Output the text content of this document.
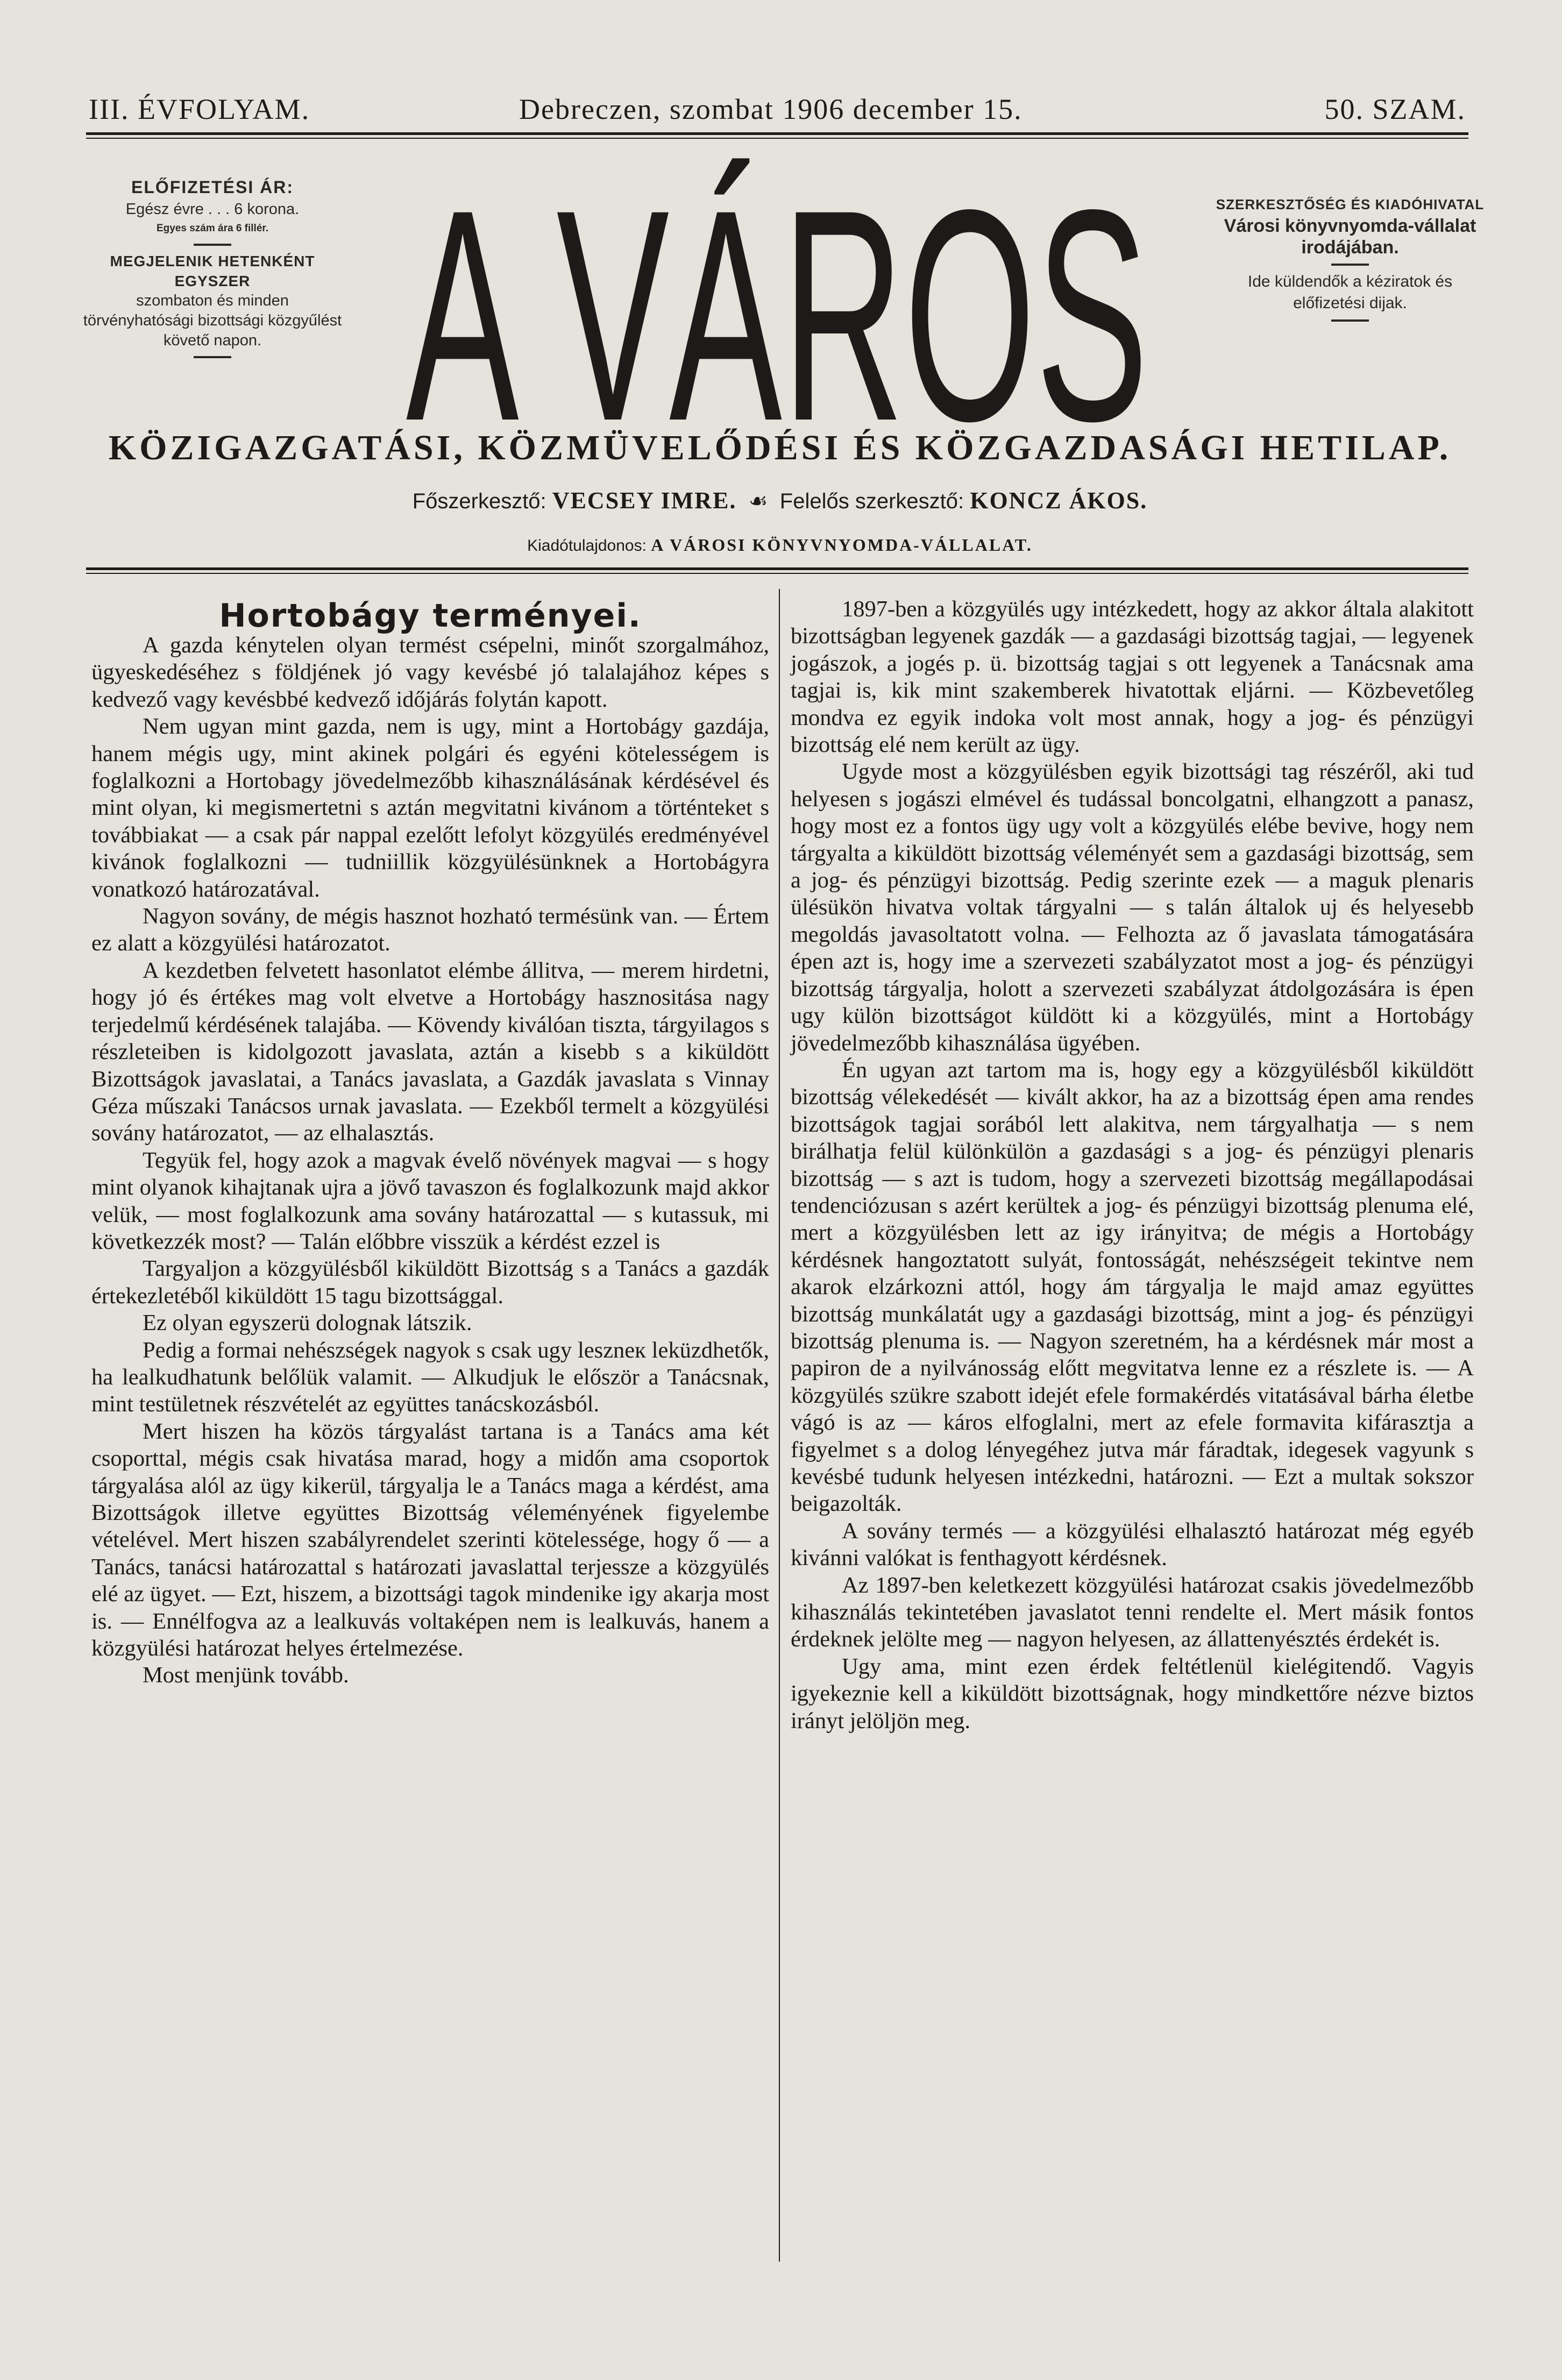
III. ÉVFOLYAM.	Debreczen, szombat 1906 december 15.	50. SZAM.
ELŐFIZETÉSI ÁR:
Egész évre . . . 6 korona.
Egyes szám ára 6 fillér.
MEGJELENIK HETENKÉNT EGYSZER
szombaton és minden törvényhatósági bizottsági közgyűlést követő napon. A VÁROS	SZERKESZTŐSÉG ÉS KIADÓHIVATAL
Városi könyvnyomda-vállalat irodájában.
Ide küldendők a kéziratok és előfizetési dijak.
KÖZIGAZGATÁSI, KÖZMÜVELŐDÉSI ÉS KÖZGAZDASÁGI HETILAP.
Főszerkesztő: VECSEY IMRE. ☙ Felelős szerkesztő: KONCZ ÁKOS.
Kiadótulajdonos: A VÁROSI KÖNYVNYOMDA-VÁLLALAT.
Hortobágy terményei.

A gazda kénytelen olyan termést csépelni, minőt szorgalmához, ügyeskedéséhez s földjének jó vagy kevésbé jó talalajához képes s kedvező vagy kevésbbé kedvező időjárás folytán kapott.

Nem ugyan mint gazda, nem is ugy, mint a Hortobágy gazdája, hanem mégis ugy, mint akinek polgári és egyéni kötelességem is foglalkozni a Hortobagy jövedelmezőbb kihasználásának kérdésével és mint olyan, ki megismertetni s aztán megvitatni kivánom a történteket s továbbiakat — a csak pár nappal ezelőtt lefolyt közgyülés eredményével kivánok foglalkozni — tudniillik közgyülésünknek a Hortobágyra vonatkozó határozatával.

Nagyon sovány, de mégis hasznot hozható termésünk van. — Értem ez alatt a közgyülési határozatot.

A kezdetben felvetett hasonlatot elémbe állitva, — merem hirdetni, hogy jó és értékes mag volt elvetve a Hortobágy hasznositása nagy terjedelmű kérdésének talajába. — Kövendy kiválóan tiszta, tárgyilagos s részleteiben is kidolgozott javaslata, aztán a kisebb s a kiküldött Bizottságok javaslatai, a Tanács javaslata, a Gazdák javaslata s Vinnay Géza műszaki Tanácsos urnak javaslata. — Ezekből termelt a közgyülési sovány határozatot, — az elhalasztás.

Tegyük fel, hogy azok a magvak évelő növények magvai — s hogy mint olyanok kihajtanak ujra a jövő tavaszon és foglalkozunk majd akkor velük, — most foglalkozunk ama sovány határozattal — s kutassuk, mi következzék most? — Talán előbbre visszük a kérdést ezzel is

Targyaljon a közgyülésből kiküldött Bizottság s a Tanács a gazdák értekezletéből kiküldött 15 tagu bizottsággal.

Ez olyan egyszerü dolognak látszik.

Pedig a formai nehészségek nagyok s csak ugy leszneк leküzdhetők, ha lealkudhatunk belőlük valamit. — Alkudjuk le először a Tanácsnak, mint testületnek részvételét az együttes tanácskozásból.

Mert hiszen ha közös tárgyalást tartana is a Tanács ama két csoporttal, mégis csak hivatása marad, hogy a midőn ama csoportok tárgyalása alól az ügy kikerül, tárgyalja le a Tanács maga a kérdést, ama Bizottságok illetve együttes Bizottság véleményének figyelembe vételével. Mert hiszen szabályrendelet szerinti kötelessége, hogy ő — a Tanács, tanácsi határozattal s határozati javaslattal terjessze a közgyülés elé az ügyet. — Ezt, hiszem, a bizottsági tagok mindenike igy akarja most is. — Ennélfogva az a lealkuvás voltaképen nem is lealkuvás, hanem a közgyülési határozat helyes értelmezése.

Most menjünk tovább.

1897-ben a közgyülés ugy intézkedett, hogy az akkor általa alakitott bizottságban legyenek gazdák — a gazdasági bizottság tagjai, — legyenek jogászok, a jogés p. ü. bizottság tagjai s ott legyenek a Tanácsnak ama tagjai is, kik mint szakemberek hivatottak eljárni. — Közbevetőleg mondva ez egyik indoka volt most annak, hogy a jog- és pénzügyi bizottság elé nem került az ügy.

Ugyde most a közgyülésben egyik bizottsági tag részéről, aki tud helyesen s jogászi elmével és tudással boncolgatni, elhangzott a panasz, hogy most ez a fontos ügy ugy volt a közgyülés elébe bevive, hogy nem tárgyalta a kiküldött bizottság véleményét sem a gazdasági bizottság, sem a jog- és pénzügyi bizottság. Pedig szerinte ezek — a maguk plenaris ülésükön hivatva voltak tárgyalni — s talán általok uj és helyesebb megoldás javasoltatott volna. — Felhozta az ő javaslata támogatására épen azt is, hogy ime a szervezeti szabályzatot most a jog- és pénzügyi bizottság tárgyalja, holott a szervezeti szabályzat átdolgozására is épen ugy külön bizottságot küldött ki a közgyülés, mint a Hortobágy jövedelmezőbb kihasználása ügyében.

Én ugyan azt tartom ma is, hogy egy a közgyülésből kiküldött bizottság vélekedését — kivált akkor, ha az a bizottság épen ama rendes bizottságok tagjai sorából lett alakitva, nem tárgyalhatja — s nem birálhatja felül különkülön a gazdasági s a jog- és pénzügyi plenaris bizottság — s azt is tudom, hogy a szervezeti bizottság megállapodásai tendenciózusan s azért kerültek a jog- és pénzügyi bizottság plenuma elé, mert a közgyülésben lett az igy irányitva; de mégis a Hortobágy kérdésnek hangoztatott sulyát, fontosságát, nehészségeit tekintve nem akarok elzárkozni attól, hogy ám tárgyalja le majd amaz együttes bizottság munkálatát ugy a gazdasági bizottság, mint a jog- és pénzügyi bizottság plenuma is. — Nagyon szeretném, ha a kérdésnek már most a papiron de a nyilvánosság előtt megvitatva lenne ez a részlete is. — A közgyülés szükre szabott idejét efele formakérdés vitatásával bárha életbe vágó is az — káros elfoglalni, mert az efele formavita kifárasztja a figyelmet s a dolog lényegéhez jutva már fáradtak, idegesek vagyunk s kevésbé tudunk helyesen intézkedni, határozni. — Ezt a multak sokszor beigazolták.

A sovány termés — a közgyülési elhalasztó határozat még egyéb kivánni valókat is fenthagyott kérdésnek.

Az 1897-ben keletkezett közgyülési határozat csakis jövedelmezőbb kihasználás tekintetében javaslatot tenni rendelte el. Mert másik fontos érdeknek jelölte meg — nagyon helyesen, az állattenyésztés érdekét is.

Ugy ama, mint ezen érdek feltétlenül kielégitendő. Vagyis igyekeznie kell a kiküldött bizottságnak, hogy mindkettőre nézve biztos irányt jelöljön meg.
